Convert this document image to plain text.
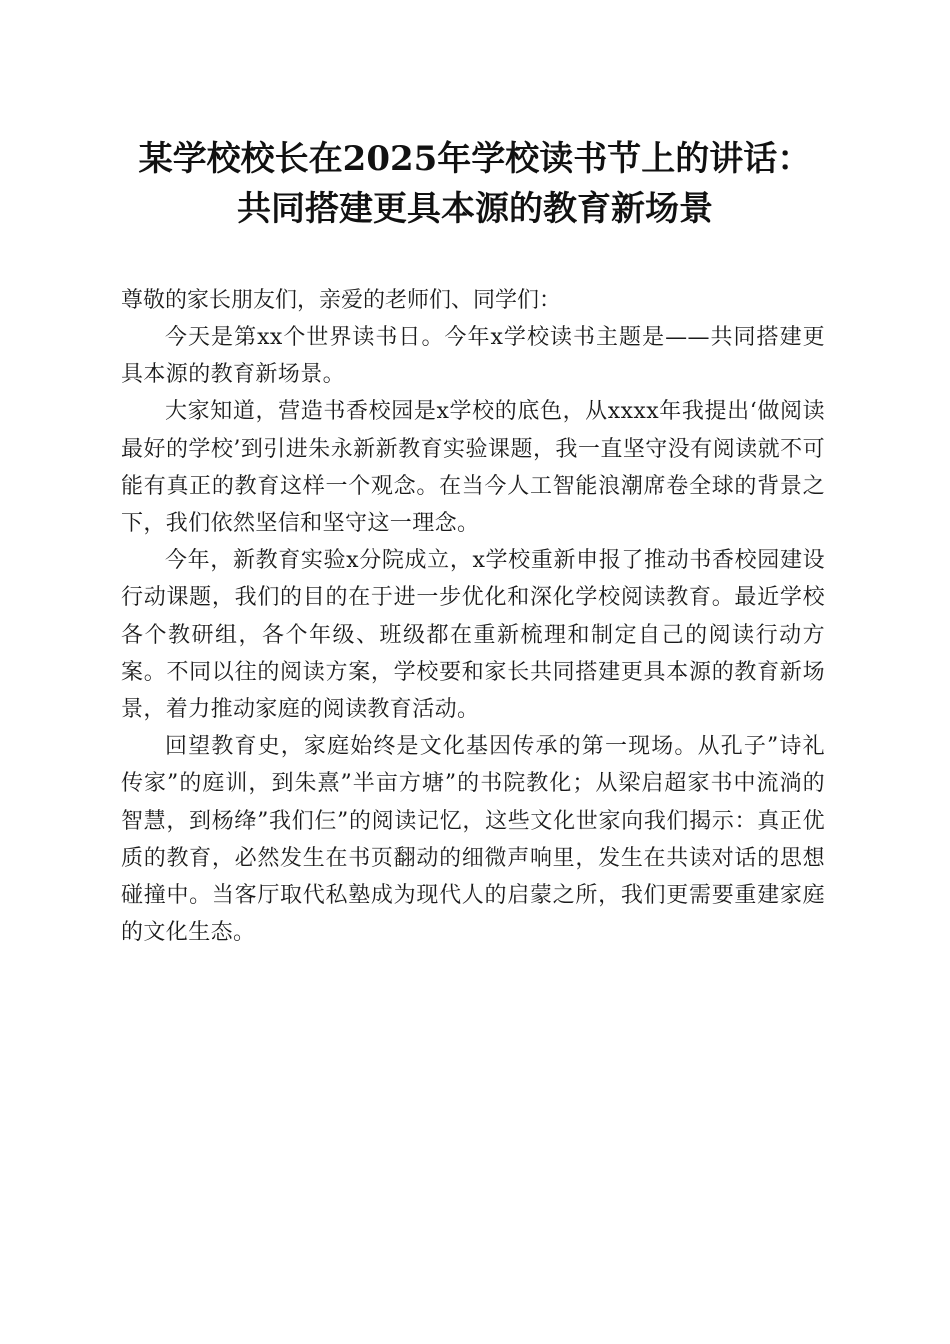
某学校校长在2025年学校读书节上的讲话：
共同搭建更具本源的教育新场景

尊敬的家长朋友们，亲爱的老师们、同学们：

今天是第xx个世界读书日。今年x学校读书主题是——共同搭建更具本源的教育新场景。

大家知道，营造书香校园是x学校的底色，从xxxx年我提出‘做阅读最好的学校’到引进朱永新新教育实验课题，我一直坚守没有阅读就不可能有真正的教育这样一个观念。在当今人工智能浪潮席卷全球的背景之下，我们依然坚信和坚守这一理念。

今年，新教育实验x分院成立，x学校重新申报了推动书香校园建设行动课题，我们的目的在于进一步优化和深化学校阅读教育。最近学校各个教研组，各个年级、班级都在重新梳理和制定自己的阅读行动方案。不同以往的阅读方案，学校要和家长共同搭建更具本源的教育新场景，着力推动家庭的阅读教育活动。

回望教育史，家庭始终是文化基因传承的第一现场。从孔子”诗礼传家”的庭训，到朱熹”半亩方塘”的书院教化；从梁启超家书中流淌的智慧，到杨绛”我们仨”的阅读记忆，这些文化世家向我们揭示：真正优质的教育，必然发生在书页翻动的细微声响里，发生在共读对话的思想碰撞中。当客厅取代私塾成为现代人的启蒙之所，我们更需要重建家庭的文化生态。
